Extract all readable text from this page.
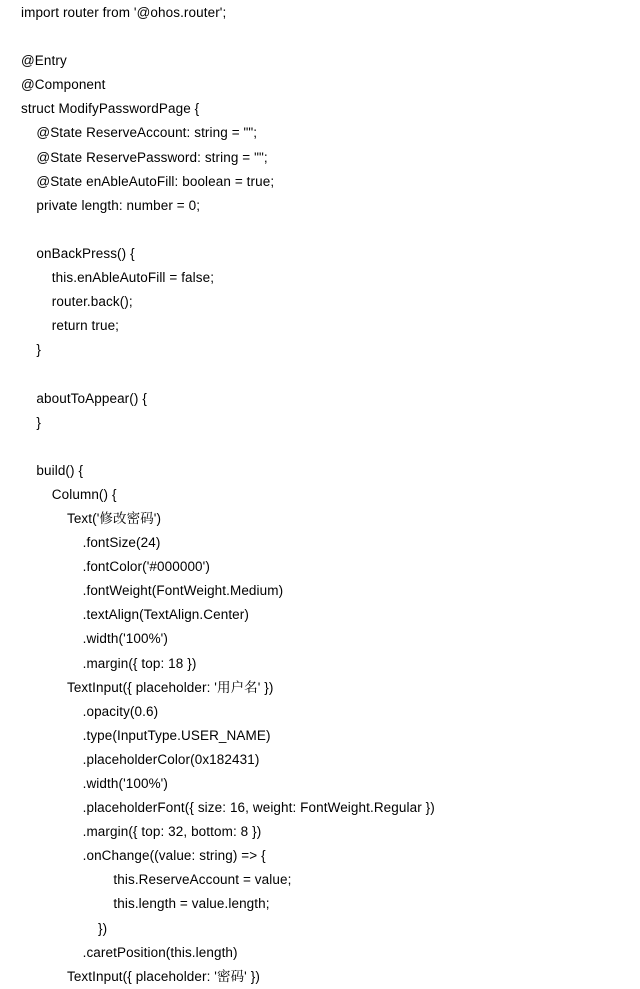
import router from '@ohos.router';

@Entry
@Component
struct ModifyPasswordPage {
@State ReserveAccount: string = "";
@State ReservePassword: string = "";
@State enAbleAutoFill: boolean = true;
private length: number = 0;

onBackPress() {
this.enAbleAutoFill = false;
router.back();
return true;
}

aboutToAppear() {
}

build() {
Column() {
Text('修改密码')
.fontSize(24)
.fontColor('#000000')
.fontWeight(FontWeight.Medium)
.textAlign(TextAlign.Center)
.width('100%')
.margin({ top: 18 })
TextInput({ placeholder: '用户名' })
.opacity(0.6)
.type(InputType.USER_NAME)
.placeholderColor(0x182431)
.width('100%')
.placeholderFont({ size: 16, weight: FontWeight.Regular })
.margin({ top: 32, bottom: 8 })
.onChange((value: string) => {
this.ReserveAccount = value;
this.length = value.length;
})
.caretPosition(this.length)
TextInput({ placeholder: '密码' })
